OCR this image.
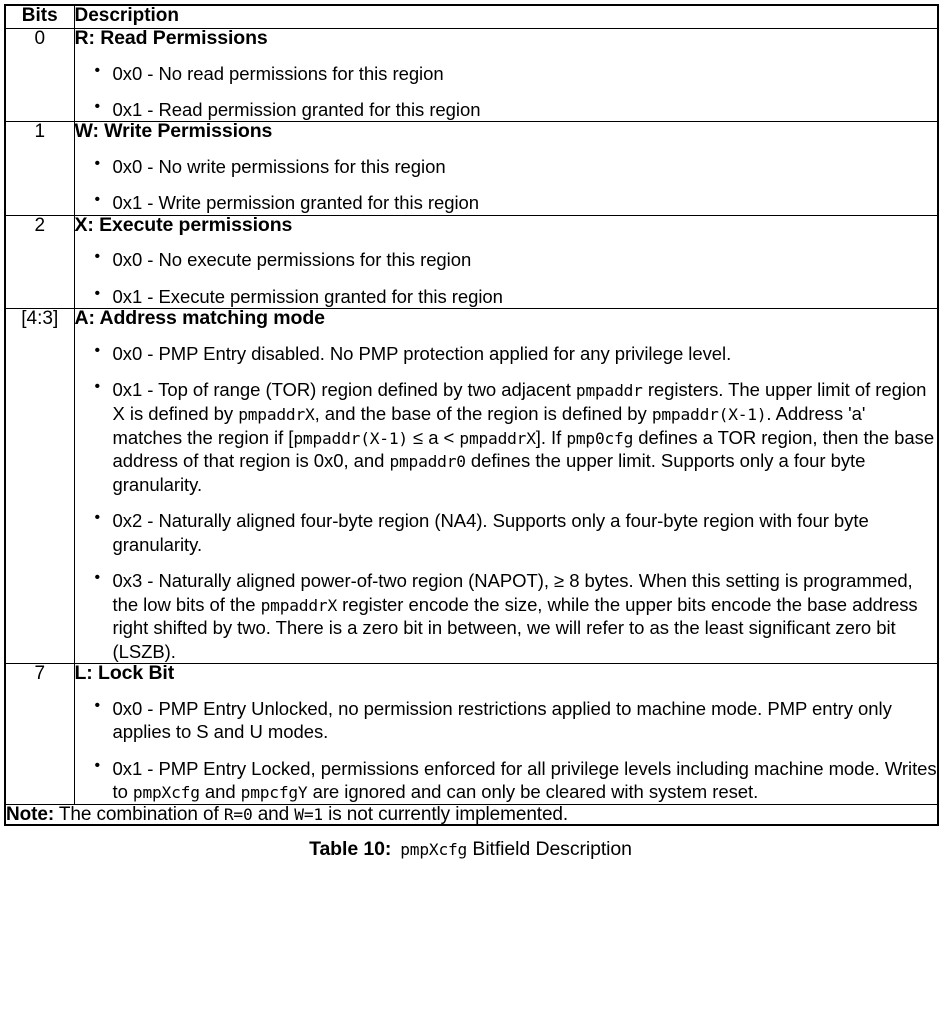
Bits	Description
0	R: Read Permissions
• 0x0 - No read permissions for this region
• 0x1 - Read permission granted for this region

1	W: Write Permissions
• 0x0 - No write permissions for this region
• 0x1 - Write permission granted for this region

2	X: Execute permissions
• 0x0 - No execute permissions for this region
• 0x1 - Execute permission granted for this region

[4:3]	A: Address matching mode
• 0x0 - PMP Entry disabled. No PMP protection applied for any privilege level.
• 0x1 - Top of range (TOR) region defined by two adjacent pmpaddr registers. The upper limit of region X is defined by pmpaddrX, and the base of the region is defined by pmpaddr(X-1). Address 'a' matches the region if [pmpaddr(X-1) ≤ a < pmpaddrX]. If pmp0cfg defines a TOR region, then the base address of that region is 0x0, and pmpaddr0 defines the upper limit. Supports only a four byte granularity.
• 0x2 - Naturally aligned four-byte region (NA4). Supports only a four-byte region with four byte granularity.
• 0x3 - Naturally aligned power-of-two region (NAPOT), ≥ 8 bytes. When this setting is programmed, the low bits of the pmpaddrX register encode the size, while the upper bits encode the base address right shifted by two. There is a zero bit in between, we will refer to as the least significant zero bit (LSZB).

7	L: Lock Bit
• 0x0 - PMP Entry Unlocked, no permission restrictions applied to machine mode. PMP entry only applies to S and U modes.
• 0x1 - PMP Entry Locked, permissions enforced for all privilege levels including machine mode. Writes to pmpXcfg and pmpcfgY are ignored and can only be cleared with system reset.

Note: The combination of R=0 and W=1 is not currently implemented.	
Table 10: pmpXcfg Bitfield Description
